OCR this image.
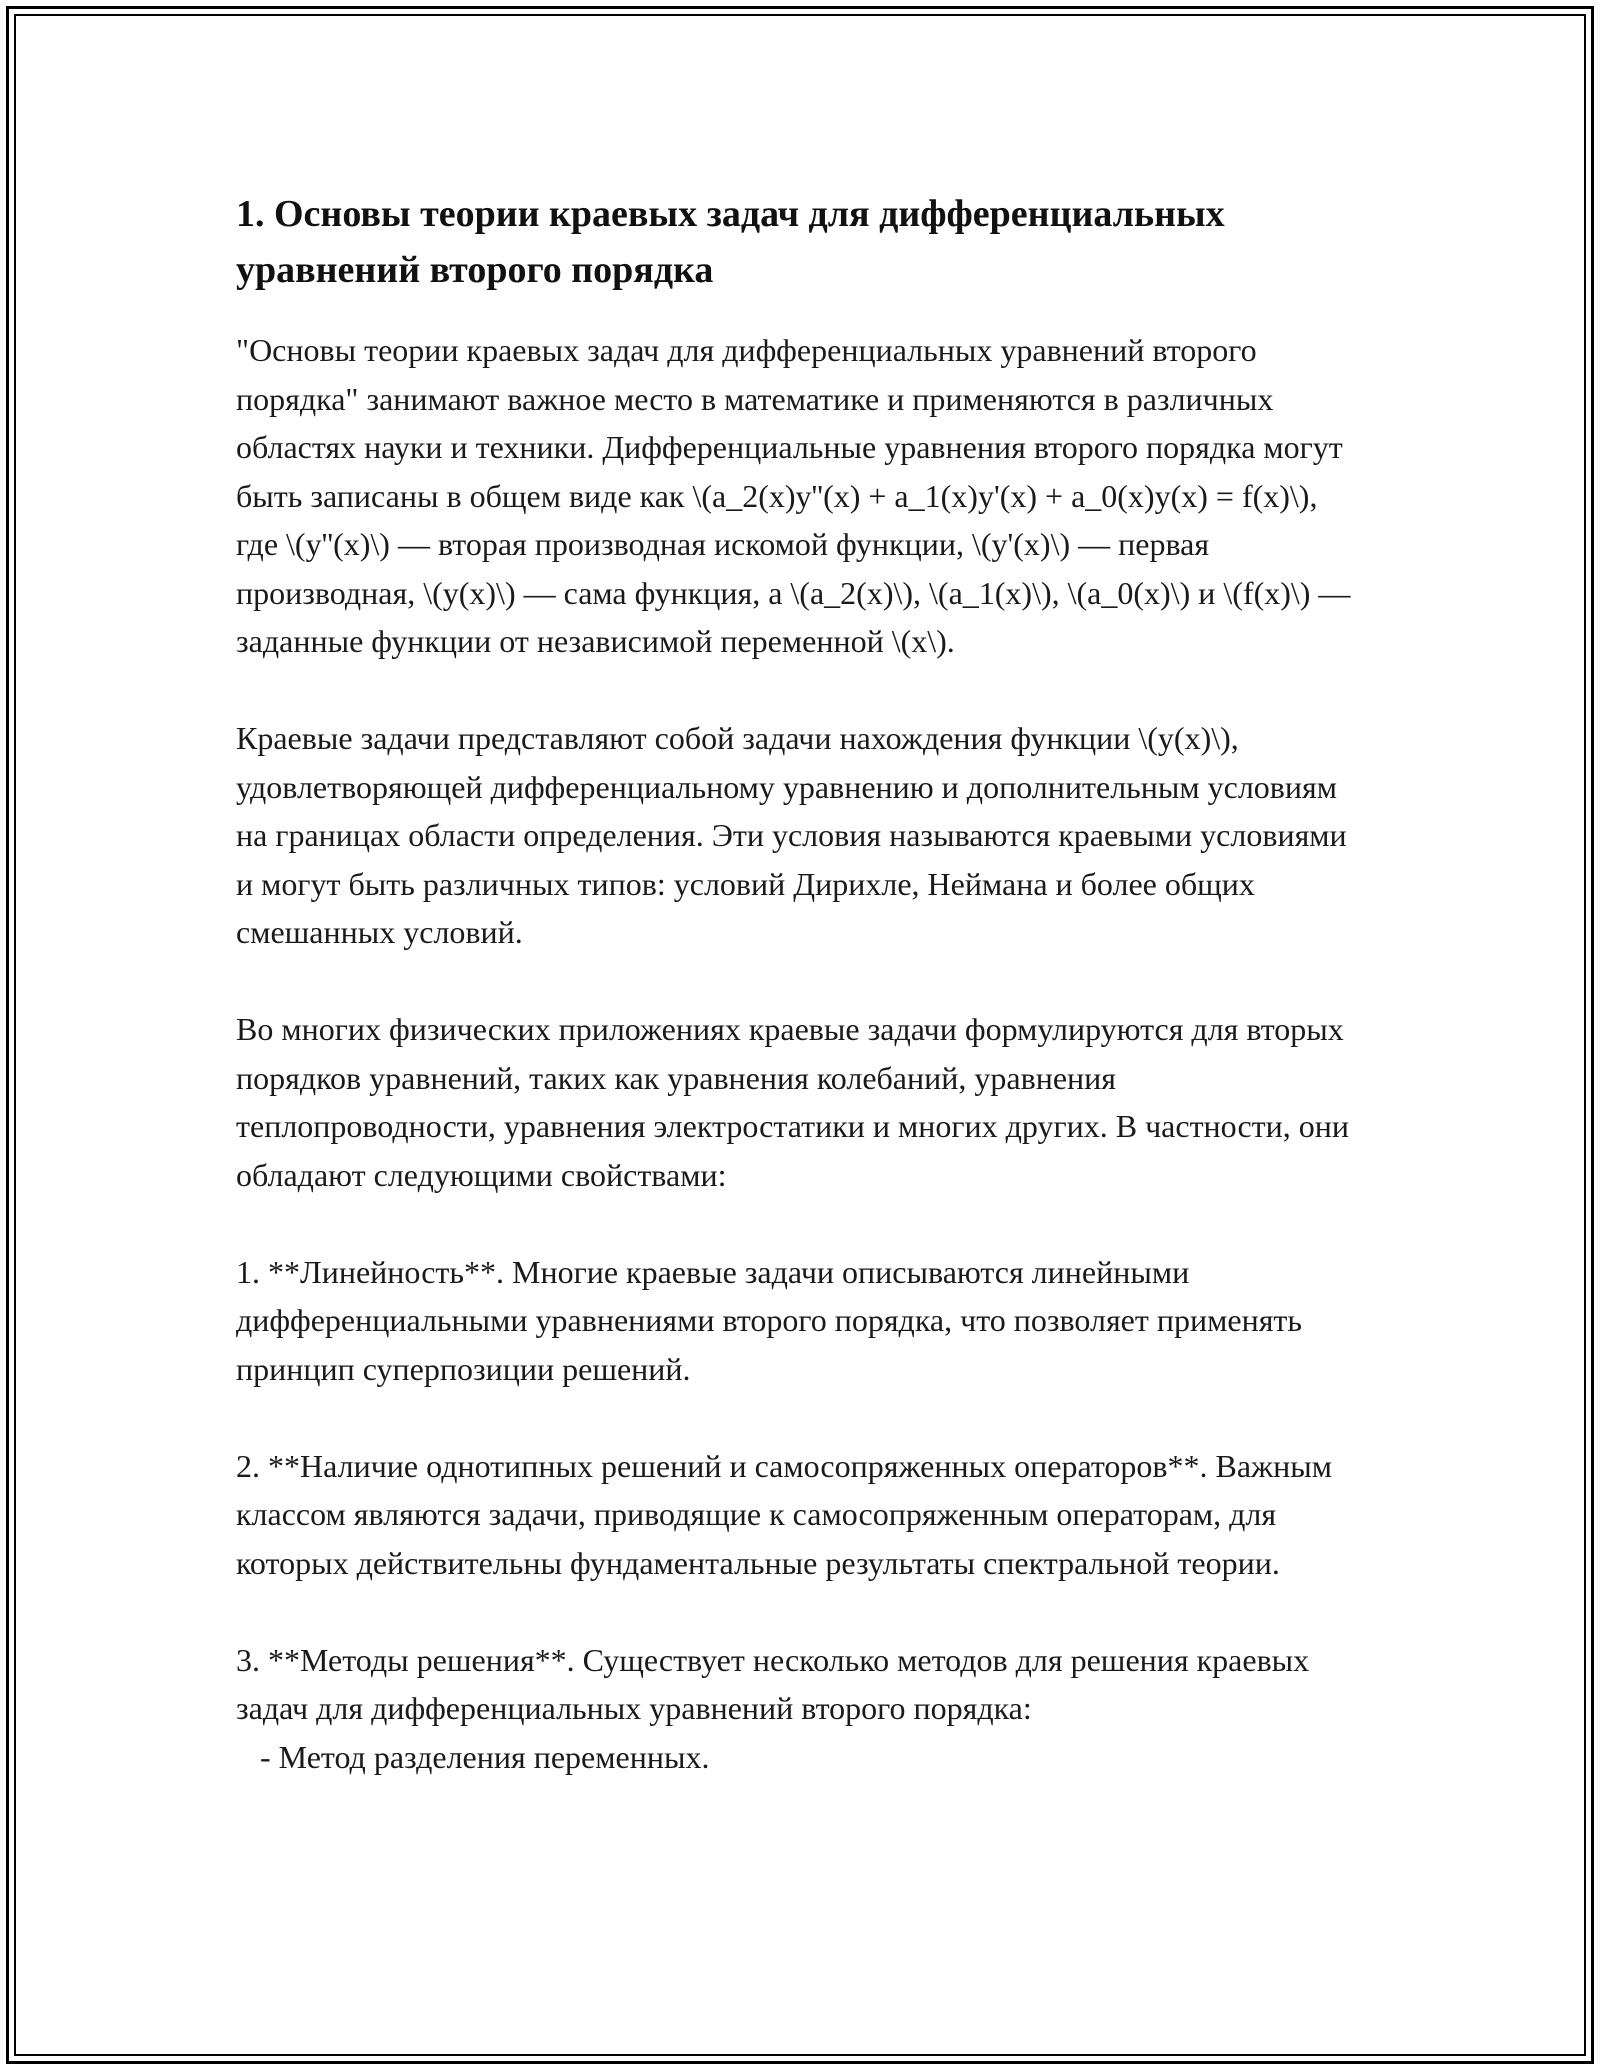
1. Основы теории краевых задач для дифференциальных уравнений второго порядка

"Основы теории краевых задач для дифференциальных уравнений второго порядка" занимают важное место в математике и применяются в различных областях науки и техники. Дифференциальные уравнения второго порядка могут быть записаны в общем виде как \(a_2(x)y''(x) + a_1(x)y'(x) + a_0(x)y(x) = f(x)\), где \(y''(x)\) — вторая производная искомой функции, \(y'(x)\) — первая производная, \(y(x)\) — сама функция, а \(a_2(x)\), \(a_1(x)\), \(a_0(x)\) и \(f(x)\) — заданные функции от независимой переменной \(x\).

Краевые задачи представляют собой задачи нахождения функции \(y(x)\), удовлетворяющей дифференциальному уравнению и дополнительным условиям на границах области определения. Эти условия называются краевыми условиями и могут быть различных типов: условий Дирихле, Неймана и более общих смешанных условий.

Во многих физических приложениях краевые задачи формулируются для вторых порядков уравнений, таких как уравнения колебаний, уравнения теплопроводности, уравнения электростатики и многих других. В частности, они обладают следующими свойствами:

1. **Линейность**. Многие краевые задачи описываются линейными дифференциальными уравнениями второго порядка, что позволяет применять принцип суперпозиции решений.

2. **Наличие однотипных решений и самосопряженных операторов**. Важным классом являются задачи, приводящие к самосопряженным операторам, для которых действительны фундаментальные результаты спектральной теории.

3. **Методы решения**. Существует несколько методов для решения краевых задач для дифференциальных уравнений второго порядка:
- Метод разделения переменных.
